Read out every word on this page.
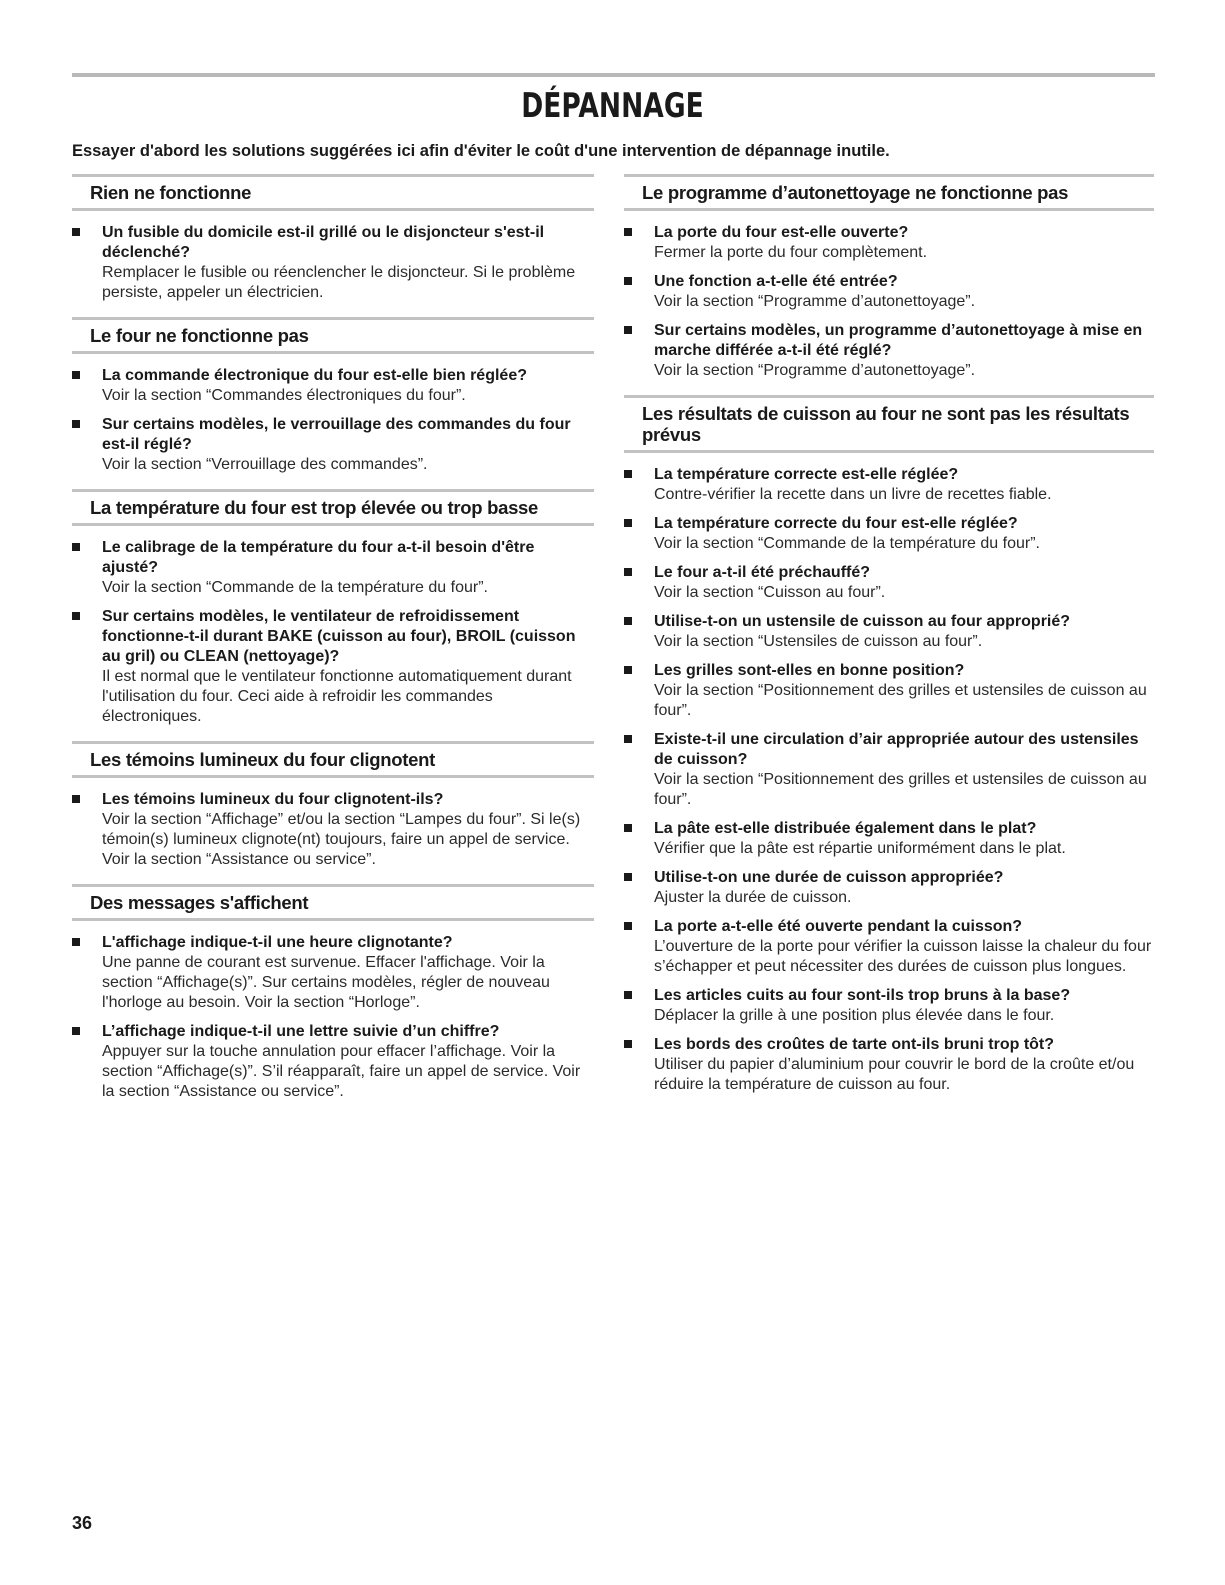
DÉPANNAGE

Essayer d'abord les solutions suggérées ici afin d'éviter le coût d'une intervention de dépannage inutile.

Rien ne fonctionne
Un fusible du domicile est-il grillé ou le disjoncteur s'est-il déclenché?
Remplacer le fusible ou réenclencher le disjoncteur. Si le problème persiste, appeler un électricien.
Le four ne fonctionne pas
La commande électronique du four est-elle bien réglée?
Voir la section “Commandes électroniques du four”.
Sur certains modèles, le verrouillage des commandes du four est-il réglé?
Voir la section “Verrouillage des commandes”.
La température du four est trop élevée ou trop basse
Le calibrage de la température du four a-t-il besoin d'être ajusté?
Voir la section “Commande de la température du four”.
Sur certains modèles, le ventilateur de refroidissement fonctionne-t-il durant BAKE (cuisson au four), BROIL (cuisson au gril) ou CLEAN (nettoyage)?
Il est normal que le ventilateur fonctionne automatiquement durant l'utilisation du four. Ceci aide à refroidir les commandes électroniques.
Les témoins lumineux du four clignotent
Les témoins lumineux du four clignotent-ils?
Voir la section “Affichage” et/ou la section “Lampes du four”. Si le(s) témoin(s) lumineux clignote(nt) toujours, faire un appel de service. Voir la section “Assistance ou service”.
Des messages s'affichent
L'affichage indique-t-il une heure clignotante?
Une panne de courant est survenue. Effacer l'affichage. Voir la section “Affichage(s)”. Sur certains modèles, régler de nouveau l'horloge au besoin. Voir la section “Horloge”.
L’affichage indique-t-il une lettre suivie d’un chiffre?
Appuyer sur la touche annulation pour effacer l’affichage. Voir la section “Affichage(s)”. S’il réapparaît, faire un appel de service. Voir la section “Assistance ou service”.
Le programme d’autonettoyage ne fonctionne pas
La porte du four est-elle ouverte?
Fermer la porte du four complètement.
Une fonction a-t-elle été entrée?
Voir la section “Programme d’autonettoyage”.
Sur certains modèles, un programme d’autonettoyage à mise en marche différée a-t-il été réglé?
Voir la section “Programme d’autonettoyage”.
Les résultats de cuisson au four ne sont pas les résultats prévus
La température correcte est-elle réglée?
Contre-vérifier la recette dans un livre de recettes fiable.
La température correcte du four est-elle réglée?
Voir la section “Commande de la température du four”.
Le four a-t-il été préchauffé?
Voir la section “Cuisson au four”.
Utilise-t-on un ustensile de cuisson au four approprié?
Voir la section “Ustensiles de cuisson au four”.
Les grilles sont-elles en bonne position?
Voir la section “Positionnement des grilles et ustensiles de cuisson au four”.
Existe-t-il une circulation d’air appropriée autour des ustensiles de cuisson?
Voir la section “Positionnement des grilles et ustensiles de cuisson au four”.
La pâte est-elle distribuée également dans le plat?
Vérifier que la pâte est répartie uniformément dans le plat.
Utilise-t-on une durée de cuisson appropriée?
Ajuster la durée de cuisson.
La porte a-t-elle été ouverte pendant la cuisson?
L’ouverture de la porte pour vérifier la cuisson laisse la chaleur du four s’échapper et peut nécessiter des durées de cuisson plus longues.
Les articles cuits au four sont-ils trop bruns à la base?
Déplacer la grille à une position plus élevée dans le four.
Les bords des croûtes de tarte ont-ils bruni trop tôt?
Utiliser du papier d’aluminium pour couvrir le bord de la croûte et/ou réduire la température de cuisson au four.

36
